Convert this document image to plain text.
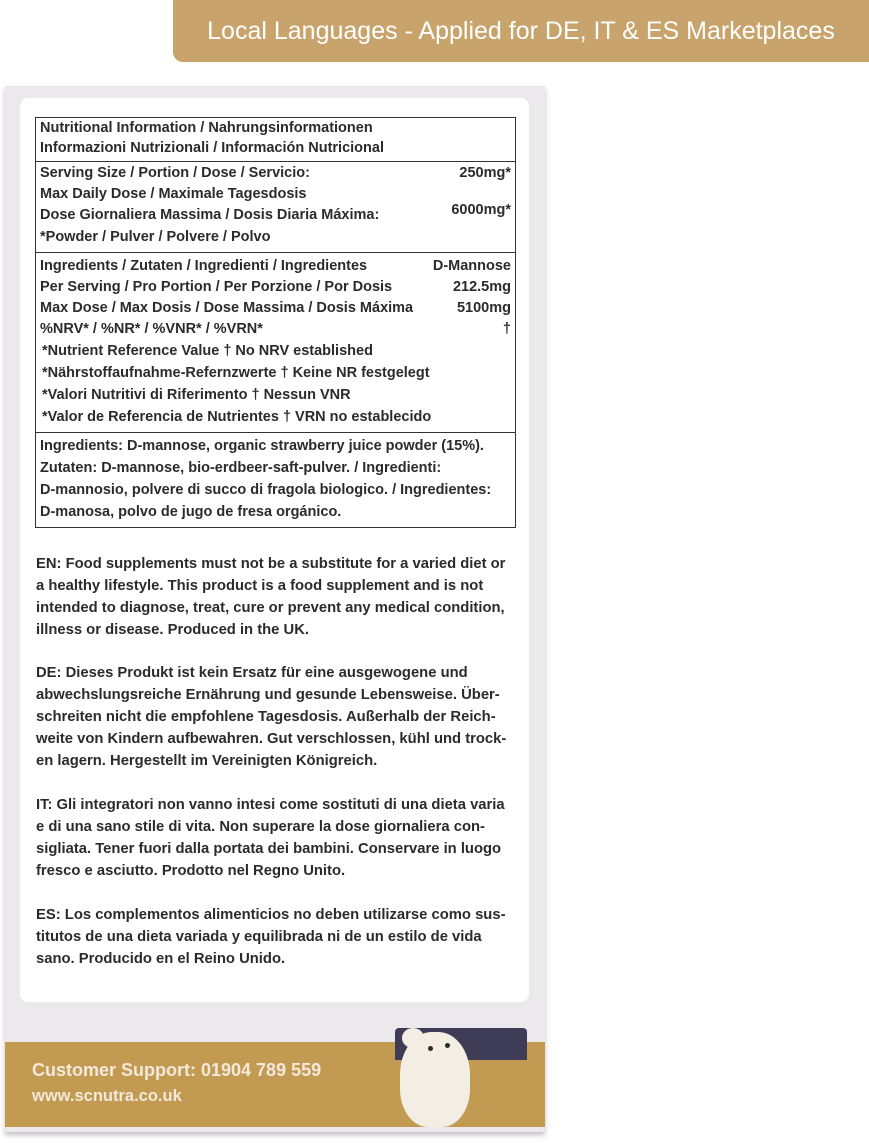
Local Languages - Applied for DE, IT & ES Marketplaces
Nutritional Information / Nahrungsinformationen
Informazioni Nutrizionali / Información Nutricional
Serving Size / Portion / Dose / Servicio:	250mg*
Max Daily Dose / Maximale Tagesdosis
Dose Giornaliera Massima / Dosis Diaria Máxima:	6000mg*
*Powder / Pulver / Polvere / Polvo
Ingredients / Zutaten / Ingredienti / Ingredientes	D-Mannose
Per Serving / Pro Portion / Per Porzione / Por Dosis	212.5mg
Max Dose / Max Dosis / Dose Massima / Dosis Máxima	5100mg
%NRV* / %NR* / %VNR* / %VRN*	†
*Nutrient Reference Value † No NRV established
*Nährstoffaufnahme-Refernzwerte † Keine NR festgelegt
*Valori Nutritivi di Riferimento † Nessun VNR
*Valor de Referencia de Nutrientes † VRN no establecido
Ingredients: D-mannose, organic strawberry juice powder (15%).
Zutaten: D-mannose, bio-erdbeer-saft-pulver. / Ingredienti:
D-mannosio, polvere di succo di fragola biologico. / Ingredientes:
D-manosa, polvo de jugo de fresa orgánico.
EN: Food supplements must not be a substitute for a varied diet or
a healthy lifestyle. This product is a food supplement and is not
intended to diagnose, treat, cure or prevent any medical condition,
illness or disease. Produced in the UK.
DE: Dieses Produkt ist kein Ersatz für eine ausgewogene und
abwechslungsreiche Ernährung und gesunde Lebensweise. Über-
schreiten nicht die empfohlene Tagesdosis. Außerhalb der Reich-
weite von Kindern aufbewahren. Gut verschlossen, kühl und trock-
en lagern. Hergestellt im Vereinigten Königreich.
IT: Gli integratori non vanno intesi come sostituti di una dieta varia
e di una sano stile di vita. Non superare la dose giornaliera con-
sigliata. Tener fuori dalla portata dei bambini. Conservare in luogo
fresco e asciutto. Prodotto nel Regno Unito.
ES: Los complementos alimenticios no deben utilizarse como sus-
titutos de una dieta variada y equilibrada ni de un estilo de vida
sano. Producido en el Reino Unido.
Customer Support: 01904 789 559
www.scnutra.co.uk
